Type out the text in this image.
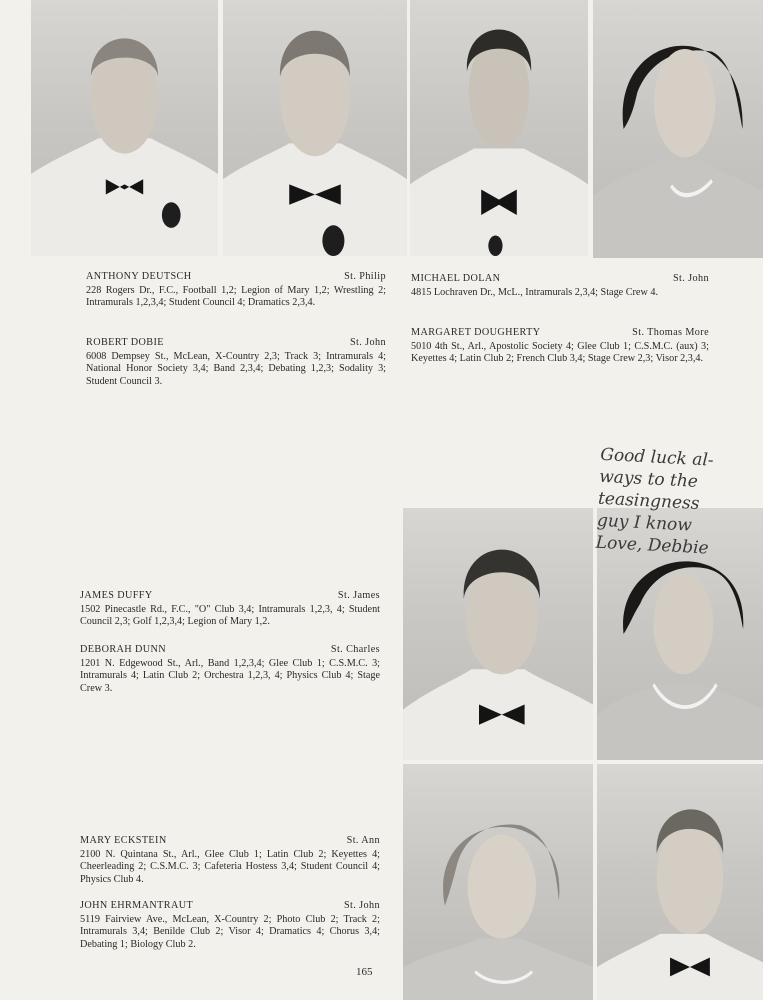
ANTHONY DEUTSCH	St. Philip
228 Rogers Dr., F.C., Football 1,2; Legion of Mary 1,2; Wrestling 2; Intramurals 1,2,3,4; Student Council 4; Dramatics 2,3,4.
ROBERT DOBIE	St. John
6008 Dempsey St., McLean, X-Country 2,3; Track 3; Intramurals 4; National Honor Society 3,4; Band 2,3,4; Debating 1,2,3; Sodality 3; Student Council 3.
MICHAEL DOLAN	St. John
4815 Lochraven Dr., McL., Intramurals 2,3,4; Stage Crew 4.
MARGARET DOUGHERTY	St. Thomas More
5010 4th St., Arl., Apostolic Society 4; Glee Club 1; C.S.M.C. (aux) 3; Keyettes 4; Latin Club 2; French Club 3,4; Stage Crew 2,3; Visor 2,3,4.
JAMES DUFFY	St. James
1502 Pinecastle Rd., F.C., "O" Club 3,4; Intramurals 1,2,3, 4; Student Council 2,3; Golf 1,2,3,4; Legion of Mary 1,2.
DEBORAH DUNN	St. Charles
1201 N. Edgewood St., Arl., Band 1,2,3,4; Glee Club 1; C.S.M.C. 3; Intramurals 4; Latin Club 2; Orchestra 1,2,3, 4; Physics Club 4; Stage Crew 3.
MARY ECKSTEIN	St. Ann
2100 N. Quintana St., Arl., Glee Club 1; Latin Club 2; Keyettes 4; Cheerleading 2; C.S.M.C. 3; Cafeteria Hostess 3,4; Student Council 4; Physics Club 4.
JOHN EHRMANTRAUT	St. John
5119 Fairview Ave., McLean, X-Country 2; Photo Club 2; Track 2; Intramurals 3,4; Benilde Club 2; Visor 4; Dramatics 4; Chorus 3,4; Debating 1; Biology Club 2.
Good luck al-
ways to the
teasingness
guy I know
Love, Debbie
165
